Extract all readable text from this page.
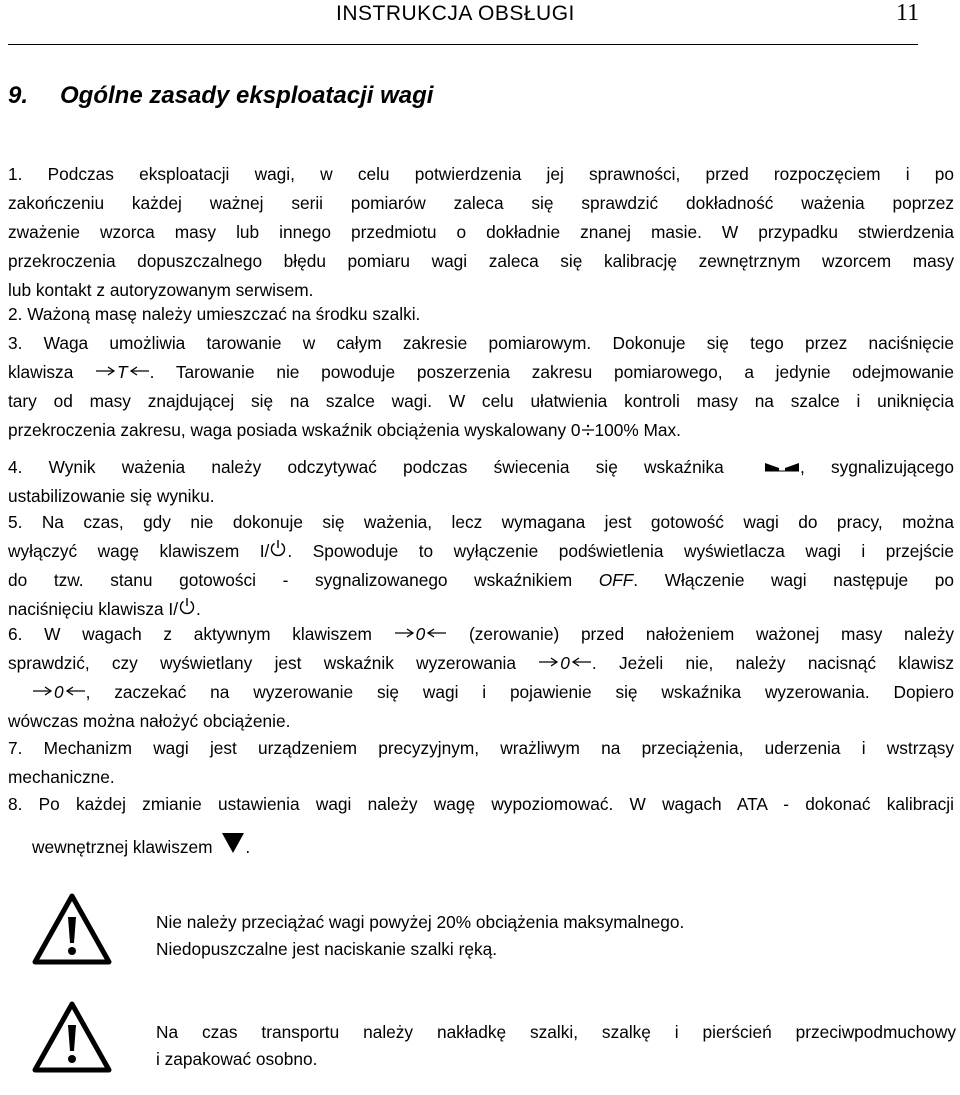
INSTRUKCJA OBSŁUGI	11
9. Ogólne zasady eksploatacji wagi
1. Podczas eksploatacji wagi, w celu potwierdzenia jej sprawności, przed rozpoczęciem i po
zakończeniu każdej ważnej serii pomiarów zaleca się sprawdzić dokładność ważenia poprzez
zważenie wzorca masy lub innego przedmiotu o dokładnie znanej masie. W przypadku stwierdzenia
przekroczenia dopuszczalnego błędu pomiaru wagi zaleca się kalibrację zewnętrznym wzorcem masy
lub kontakt z autoryzowanym serwisem.
2. Ważoną masę należy umieszczać na środku szalki.
3. Waga umożliwia tarowanie w całym zakresie pomiarowym. Dokonuje się tego przez naciśnięcie
klawisza T . Tarowanie nie powoduje poszerzenia zakresu pomiarowego, a jedynie odejmowanie
tary od masy znajdującej się na szalce wagi. W celu ułatwienia kontroli masy na szalce i uniknięcia
przekroczenia zakresu, waga posiada wskaźnik obciążenia wyskalowany 0 100% Max.
4. Wynik ważenia należy odczytywać podczas świecenia się wskaźnika	, sygnalizującego
ustabilizowanie się wyniku.
5. Na czas, gdy nie dokonuje się ważenia, lecz wymagana jest gotowość wagi do pracy, można
wyłączyć wagę klawiszem I/ . Spowoduje to wyłączenie podświetlenia wyświetlacza wagi i przejście
do tzw. stanu gotowości - sygnalizowanego wskaźnikiem OFF. Włączenie wagi następuje po
naciśnięciu klawisza I/ .
6. W wagach z aktywnym klawiszem 0 (zerowanie) przed nałożeniem ważonej masy należy
sprawdzić, czy wyświetlany jest wskaźnik wyzerowania 0 . Jeżeli nie, należy nacisnąć klawisz
0 , zaczekać na wyzerowanie się wagi i pojawienie się wskaźnika wyzerowania. Dopiero
wówczas można nałożyć obciążenie.
7. Mechanizm wagi jest urządzeniem precyzyjnym, wrażliwym na przeciążenia, uderzenia i wstrząsy
mechaniczne.
8. Po każdej zmianie ustawienia wagi należy wagę wypoziomować. W wagach ATA - dokonać kalibracji
wewnętrznej klawiszem .
Nie należy przeciążać wagi powyżej 20% obciążenia maksymalnego.
Niedopuszczalne jest naciskanie szalki ręką.
Na czas transportu należy nakładkę szalki, szalkę i pierścień przeciwpodmuchowy
i zapakować osobno.
